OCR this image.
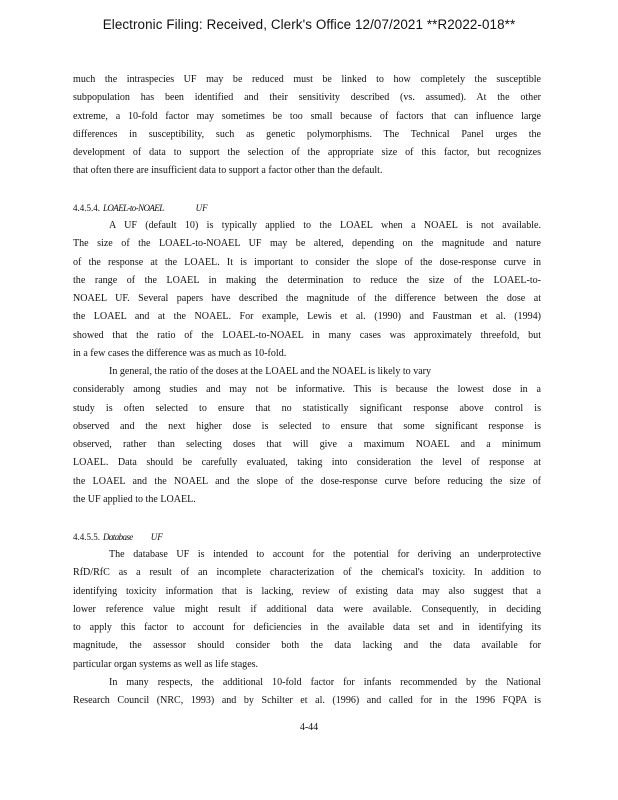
Electronic Filing: Received, Clerk's Office 12/07/2021 **R2022-018**
much the intraspecies UF may be reduced must be linked to how completely the susceptible
subpopulation has been identified and their sensitivity described (vs. assumed). At the other
extreme, a 10-fold factor may sometimes be too small because of factors that can influence large
differences in susceptibility, such as genetic polymorphisms. The Technical Panel urges the
development of data to support the selection of the appropriate size of this factor, but recognizes
that often there are insufficient data to support a factor other than the default.
4.4.5.4. LOAEL-to-NOAEL	UF
A UF (default 10) is typically applied to the LOAEL when a NOAEL is not available.
The size of the LOAEL-to-NOAEL UF may be altered, depending on the magnitude and nature
of the response at the LOAEL. It is important to consider the slope of the dose-response curve in
the range of the LOAEL in making the determination to reduce the size of the LOAEL-to-
NOAEL UF. Several papers have described the magnitude of the difference between the dose at
the LOAEL and at the NOAEL. For example, Lewis et al. (1990) and Faustman et al. (1994)
showed that the ratio of the LOAEL-to-NOAEL in many cases was approximately threefold, but
in a few cases the difference was as much as 10-fold.
In general, the ratio of the doses at the LOAEL and the NOAEL is likely to vary
considerably among studies and may not be informative. This is because the lowest dose in a
study is often selected to ensure that no statistically significant response above control is
observed and the next higher dose is selected to ensure that some significant response is
observed, rather than selecting doses that will give a maximum NOAEL and a minimum
LOAEL. Data should be carefully evaluated, taking into consideration the level of response at
the LOAEL and the NOAEL and the slope of the dose-response curve before reducing the size of
the UF applied to the LOAEL.
4.4.5.5. Database UF
The database UF is intended to account for the potential for deriving an underprotective
RfD/RfC as a result of an incomplete characterization of the chemical's toxicity. In addition to
identifying toxicity information that is lacking, review of existing data may also suggest that a
lower reference value might result if additional data were available. Consequently, in deciding
to apply this factor to account for deficiencies in the available data set and in identifying its
magnitude, the assessor should consider both the data lacking and the data available for
particular organ systems as well as life stages.
In many respects, the additional 10-fold factor for infants recommended by the National
Research Council (NRC, 1993) and by Schilter et al. (1996) and called for in the 1996 FQPA is
4-44
